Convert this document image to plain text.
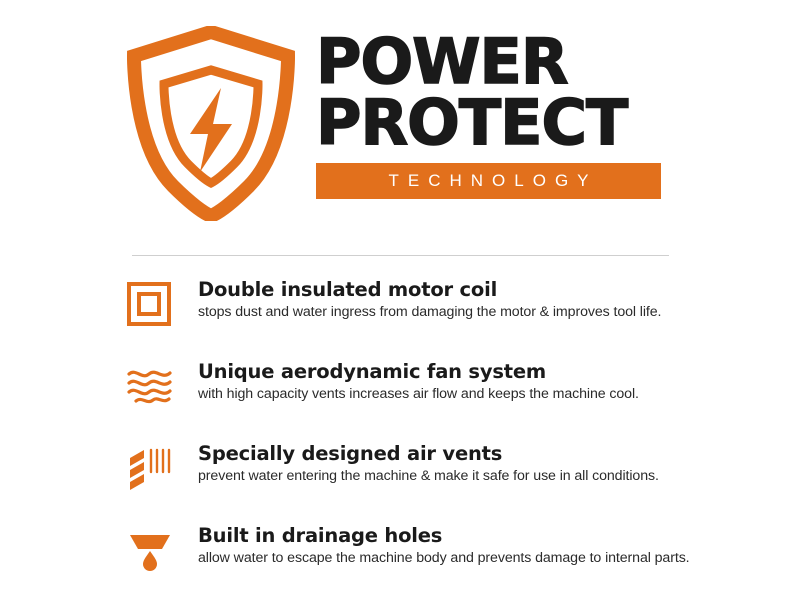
POWER
PROTECT
TECHNOLOGY
Double insulated motor coil
stops dust and water ingress from damaging the motor & improves tool life.
Unique aerodynamic fan system
with high capacity vents increases air flow and keeps the machine cool.
Specially designed air vents
prevent water entering the machine & make it safe for use in all conditions.
Built in drainage holes
allow water to escape the machine body and prevents damage to internal parts.
